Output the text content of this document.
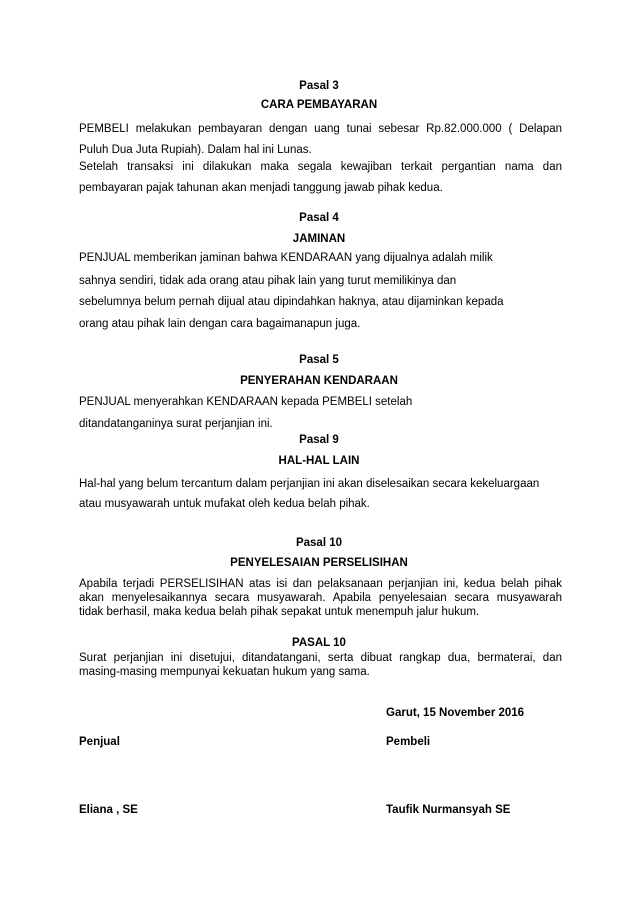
Pasal 3
CARA PEMBAYARAN
PEMBELI melakukan pembayaran dengan uang tunai sebesar Rp.82.000.000 ( Delapan
Puluh Dua Juta Rupiah). Dalam hal ini Lunas.
Setelah transaksi ini dilakukan maka segala kewajiban terkait pergantian nama dan
pembayaran pajak tahunan akan menjadi tanggung jawab pihak kedua.
Pasal 4
JAMINAN
PENJUAL memberikan jaminan bahwa KENDARAAN yang dijualnya adalah milik
sahnya sendiri, tidak ada orang atau pihak lain yang turut memilikinya dan
sebelumnya belum pernah dijual atau dipindahkan haknya, atau dijaminkan kepada
orang atau pihak lain dengan cara bagaimanapun juga.
Pasal 5
PENYERAHAN KENDARAAN
PENJUAL menyerahkan KENDARAAN kepada PEMBELI setelah
ditandatanganinya surat perjanjian ini.
Pasal 9
HAL-HAL LAIN
Hal-hal yang belum tercantum dalam perjanjian ini akan diselesaikan secara kekeluargaan
atau musyawarah untuk mufakat oleh kedua belah pihak.
Pasal 10
PENYELESAIAN PERSELISIHAN
Apabila terjadi PERSELISIHAN atas isi dan pelaksanaan perjanjian ini, kedua belah pihak
akan menyelesaikannya secara musyawarah. Apabila penyelesaian secara musyawarah
tidak berhasil, maka kedua belah pihak sepakat untuk menempuh jalur hukum.
PASAL 10
Surat perjanjian ini disetujui, ditandatangani, serta dibuat rangkap dua, bermaterai, dan
masing-masing mempunyai kekuatan hukum yang sama.
Garut, 15 November 2016
Penjual	Pembeli
Eliana , SE	Taufik Nurmansyah SE
